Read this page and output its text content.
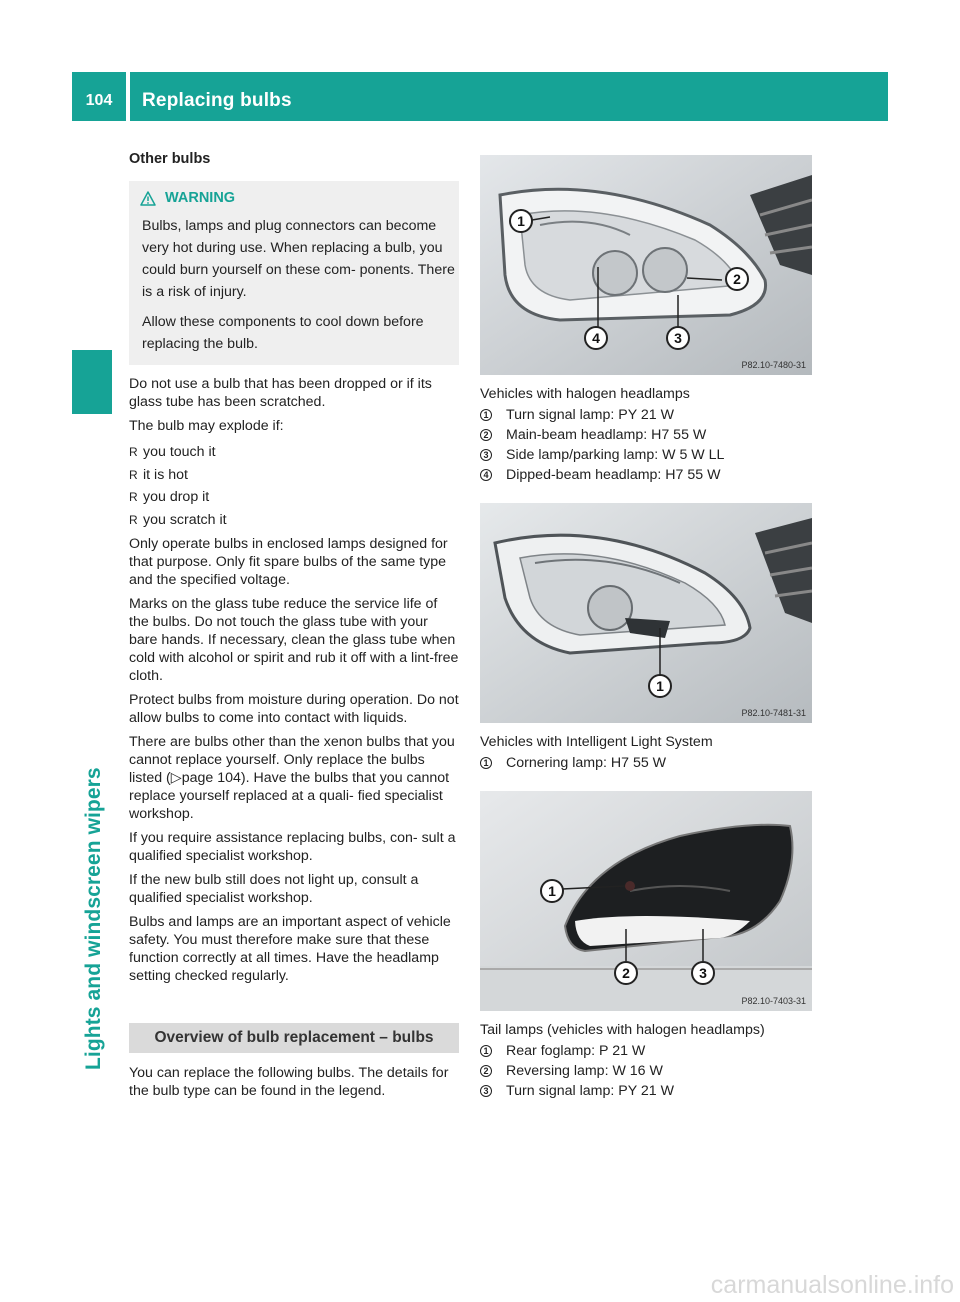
104	Replacing bulbs
Lights and windscreen wipers
Other bulbs
WARNING

Bulbs, lamps and plug connectors can become very hot during use. When replacing a bulb, you could burn yourself on these com- ponents. There is a risk of injury.

Allow these components to cool down before replacing the bulb.

Do not use a bulb that has been dropped or if its glass tube has been scratched.

The bulb may explode if:

R you touch it
R it is hot
R you drop it
R you scratch it

Only operate bulbs in enclosed lamps designed for that purpose. Only fit spare bulbs of the same type and the specified voltage.

Marks on the glass tube reduce the service life of the bulbs. Do not touch the glass tube with your bare hands. If necessary, clean the glass tube when cold with alcohol or spirit and rub it off with a lint-free cloth.

Protect bulbs from moisture during operation. Do not allow bulbs to come into contact with liquids.

There are bulbs other than the xenon bulbs that you cannot replace yourself. Only replace the bulbs listed (▷page 104). Have the bulbs that you cannot replace yourself replaced at a quali- fied specialist workshop.

If you require assistance replacing bulbs, con- sult a qualified specialist workshop.

If the new bulb still does not light up, consult a qualified specialist workshop.

Bulbs and lamps are an important aspect of vehicle safety. You must therefore make sure that these function correctly at all times. Have the headlamp setting checked regularly.

Overview of bulb replacement – bulbs

You can replace the following bulbs. The details for the bulb type can be found in the legend.

1
2
3
4
P82.10-7480-31
Vehicles with halogen headlamps
1 Turn signal lamp: PY 21 W
2 Main-beam headlamp: H7 55 W
3 Side lamp/parking lamp: W 5 W LL
4 Dipped-beam headlamp: H7 55 W
1
P82.10-7481-31
Vehicles with Intelligent Light System
1 Cornering lamp: H7 55 W
1
2	3
P82.10-7403-31
Tail lamps (vehicles with halogen headlamps)
1 Rear foglamp: P 21 W
2 Reversing lamp: W 16 W
3 Turn signal lamp: PY 21 W
carmanualsonline.info
